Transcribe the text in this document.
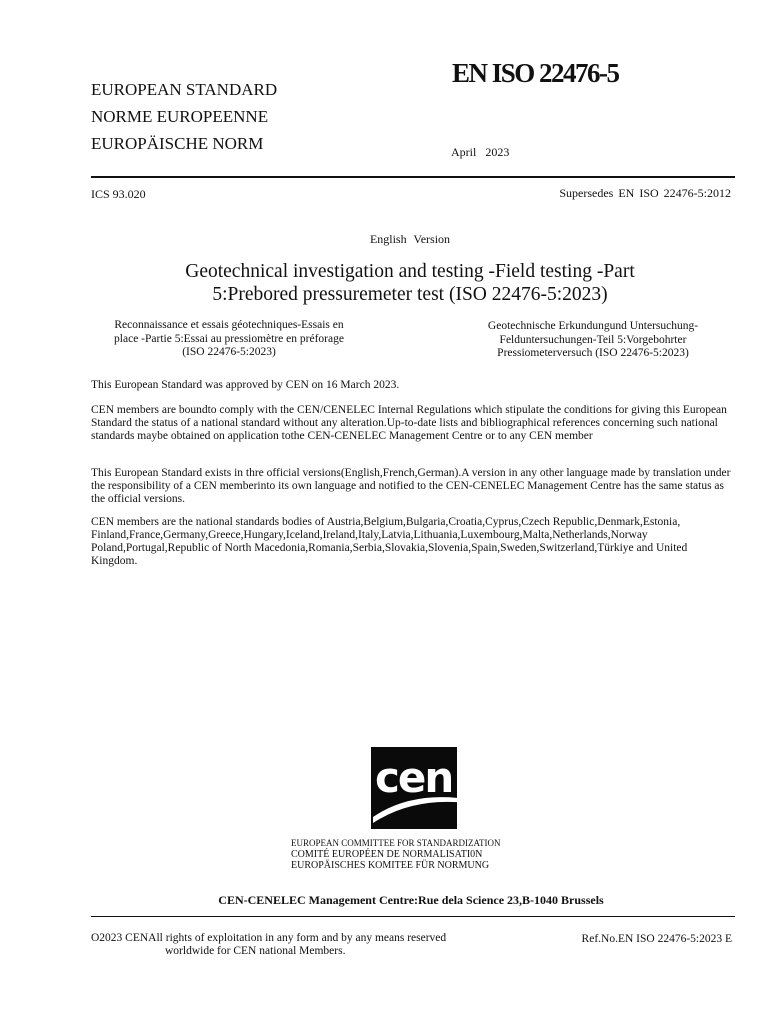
EUROPEAN STANDARD
NORME EUROPEENNE
EUROPÄISCHE NORM
EN ISO 22476-5
April 2023
ICS 93.020	Supersedes EN ISO 22476-5:2012
English Version
Geotechnical investigation and testing -Field testing -Part
5:Prebored pressuremeter test (ISO 22476-5:2023)
Reconnaissance et essais géotechniques-Essais en
place -Partie 5:Essai au pressiomètre en préforage
(ISO 22476-5:2023)
Geotechnische Erkundungund Untersuchung-
Felduntersuchungen-Teil 5:Vorgebohrter
Pressiometerversuch (ISO 22476-5:2023)
This European Standard was approved by CEN on 16 March 2023.
CEN members are boundto comply with the CEN/CENELEC Internal Regulations which stipulate the conditions for giving this European Standard the status of a national standard without any alteration.Up-to-date lists and bibliographical references concerning such national standards maybe obtained on application tothe CEN-CENELEC Management Centre or to any CEN member
This European Standard exists in thre official versions(English,French,German).A version in any other language made by translation under the responsibility of a CEN memberinto its own language and notified to the CEN-CENELEC Management Centre has the same status as the official versions.
CEN members are the national standards bodies of Austria,Belgium,Bulgaria,Croatia,Cyprus,Czech Republic,Denmark,Estonia, Finland,France,Germany,Greece,Hungary,Iceland,Ireland,Italy,Latvia,Lithuania,Luxembourg,Malta,Netherlands,Norway Poland,Portugal,Republic of North Macedonia,Romania,Serbia,Slovakia,Slovenia,Spain,Sweden,Switzerland,Türkiye and United Kingdom.
cen
EUROPEAN COMMITTEE FOR STANDARDIZATION
COMITÉ EUROPÉEN DE NORMALISATI0N
EUROPÄISCHES KOMITEE FÜR NORMUNG
CEN-CENELEC Management Centre:Rue dela Science 23,B-1040 Brussels
O2023 CENAll rights of exploitation in any form and by any means reserved
worldwide for CEN national Members.
Ref.No.EN ISO 22476-5:2023 E
